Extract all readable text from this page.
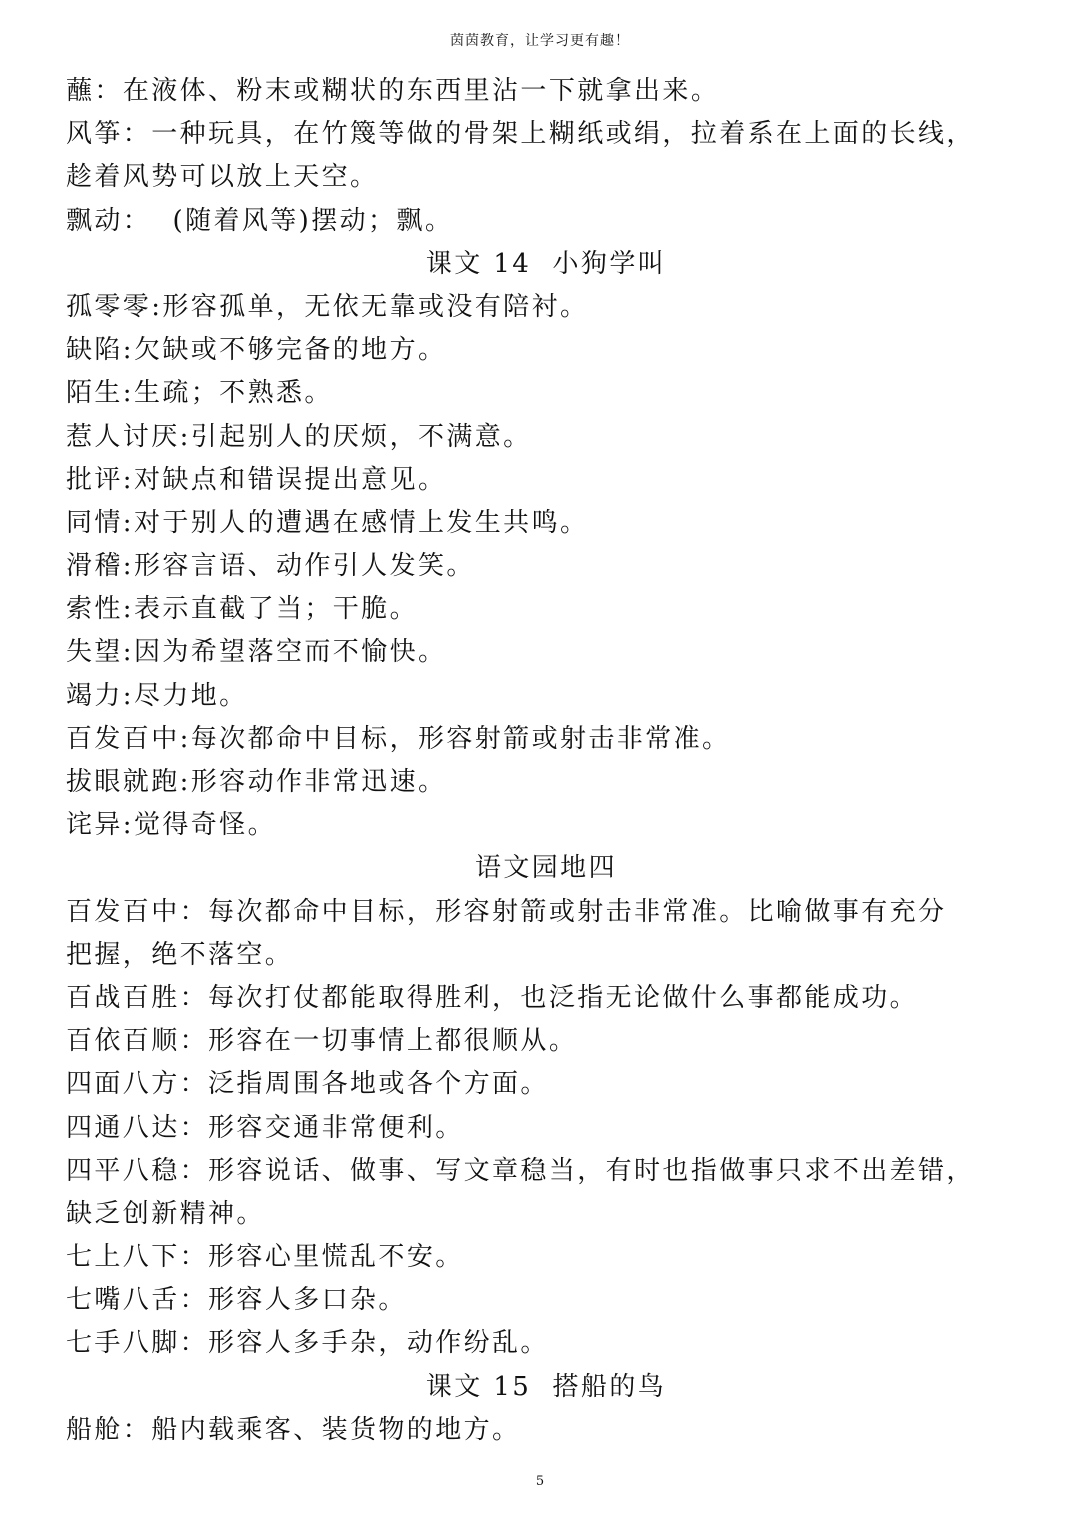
茵茵教育，让学习更有趣！
蘸：在液体、粉末或糊状的东西里沾一下就拿出来。
风筝：一种玩具，在竹篾等做的骨架上糊纸或绢，拉着系在上面的长线，
趁着风势可以放上天空。
飘动：  (随着风等)摆动；飘。
课文 14  小狗学叫
孤零零:形容孤单，无依无靠或没有陪衬。
缺陷:欠缺或不够完备的地方。
陌生:生疏；不熟悉。
惹人讨厌:引起别人的厌烦，不满意。
批评:对缺点和错误提出意见。
同情:对于别人的遭遇在感情上发生共鸣。
滑稽:形容言语、动作引人发笑。
索性:表示直截了当；干脆。
失望:因为希望落空而不愉快。
竭力:尽力地。
百发百中:每次都命中目标，形容射箭或射击非常准。
拔眼就跑:形容动作非常迅速。
诧异:觉得奇怪。
语文园地四
百发百中：每次都命中目标，形容射箭或射击非常准。比喻做事有充分
把握，绝不落空。
百战百胜：每次打仗都能取得胜利，也泛指无论做什么事都能成功。
百依百顺：形容在一切事情上都很顺从。
四面八方：泛指周围各地或各个方面。
四通八达：形容交通非常便利。
四平八稳：形容说话、做事、写文章稳当，有时也指做事只求不出差错，
缺乏创新精神。
七上八下：形容心里慌乱不安。
七嘴八舌：形容人多口杂。
七手八脚：形容人多手杂，动作纷乱。
课文 15  搭船的鸟
船舱：船内载乘客、装货物的地方。
5
